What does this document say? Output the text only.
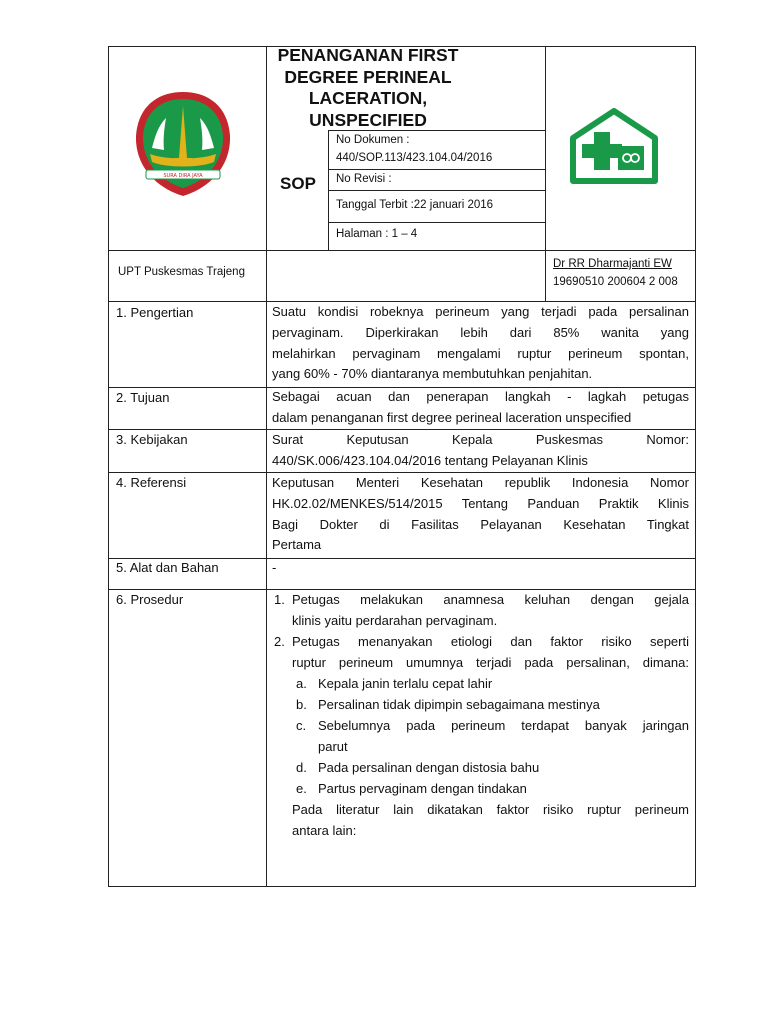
SURA DIRA JAYA
PENANGANAN FIRST
DEGREE PERINEAL
LACERATION,
UNSPECIFIED
SOP
No Dokumen :
440/SOP.113/423.104.04/2016
No Revisi :
Tanggal Terbit :22 januari 2016
Halaman : 1 – 4
UPT Puskesmas Trajeng
Dr RR Dharmajanti EW
19690510 200604 2 008
1. Pengertian	Suatu kondisi robeknya perineum yang terjadi pada persalinan
pervaginam. Diperkirakan lebih dari 85% wanita yang
melahirkan pervaginam mengalami ruptur perineum spontan,
yang 60% - 70% diantaranya membutuhkan penjahitan.
2. Tujuan	Sebagai acuan dan penerapan langkah - lagkah petugas
dalam penanganan first degree perineal laceration unspecified
3. Kebijakan	Surat Keputusan Kepala Puskesmas Nomor:
440/SK.006/423.104.04/2016 tentang Pelayanan Klinis
4. Referensi	Keputusan Menteri Kesehatan republik Indonesia Nomor
HK.02.02/MENKES/514/2015 Tentang Panduan Praktik Klinis
Bagi Dokter di Fasilitas Pelayanan Kesehatan Tingkat
Pertama
5. Alat dan Bahan	-
6. Prosedur	1. Petugas melakukan anamnesa keluhan dengan gejala
klinis yaitu perdarahan pervaginam.
2. Petugas menanyakan etiologi dan faktor risiko seperti
ruptur perineum umumnya terjadi pada persalinan, dimana:
a. Kepala janin terlalu cepat lahir
b. Persalinan tidak dipimpin sebagaimana mestinya
c. Sebelumnya pada perineum terdapat banyak jaringan
parut
d. Pada persalinan dengan distosia bahu
e. Partus pervaginam dengan tindakan
Pada literatur lain dikatakan faktor risiko ruptur perineum
antara lain:
